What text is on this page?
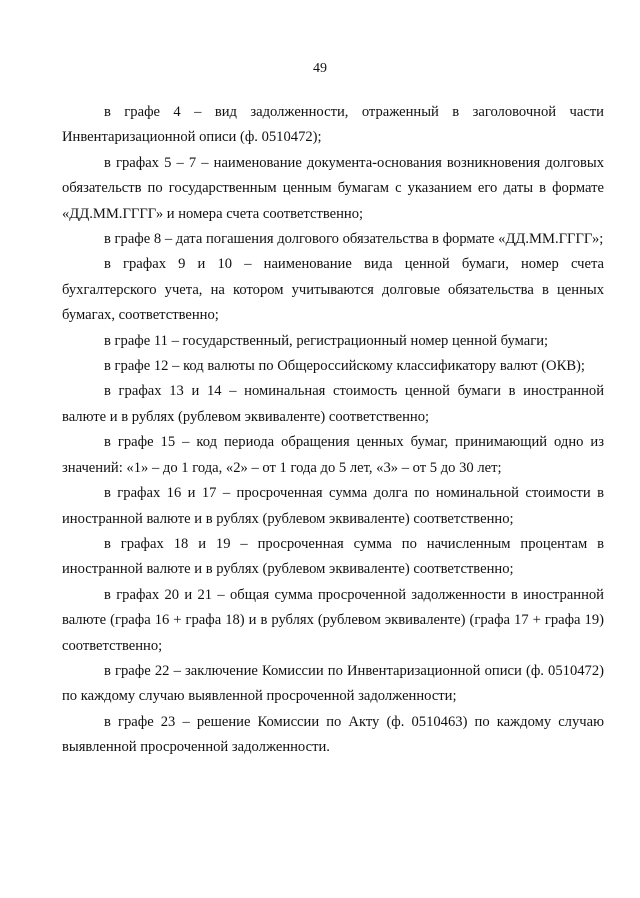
49

в графе 4 – вид задолженности, отраженный в заголовочной части Инвентаризационной описи (ф. 0510472);

в графах 5 – 7 – наименование документа-основания возникновения долговых обязательств по государственным ценным бумагам с указанием его даты в формате «ДД.ММ.ГГГГ» и номера счета соответственно;

в графе 8 – дата погашения долгового обязательства в формате «ДД.ММ.ГГГГ»;

в графах 9 и 10 – наименование вида ценной бумаги, номер счета бухгалтерского учета, на котором учитываются долговые обязательства в ценных бумагах, соответственно;

в графе 11 – государственный, регистрационный номер ценной бумаги;

в графе 12 – код валюты по Общероссийскому классификатору валют (ОКВ);

в графах 13 и 14 – номинальная стоимость ценной бумаги в иностранной валюте и в рублях (рублевом эквиваленте) соответственно;

в графе 15 – код периода обращения ценных бумаг, принимающий одно из значений: «1» – до 1 года, «2» – от 1 года до 5 лет, «3» – от 5 до 30 лет;

в графах 16 и 17 – просроченная сумма долга по номинальной стоимости в иностранной валюте и в рублях (рублевом эквиваленте) соответственно;

в графах 18 и 19 – просроченная сумма по начисленным процентам в иностранной валюте и в рублях (рублевом эквиваленте) соответственно;

в графах 20 и 21 – общая сумма просроченной задолженности в иностранной валюте (графа 16 + графа 18) и в рублях (рублевом эквиваленте) (графа 17 + графа 19) соответственно;

в графе 22 – заключение Комиссии по Инвентаризационной описи (ф. 0510472) по каждому случаю выявленной просроченной задолженности;

в графе 23 – решение Комиссии по Акту (ф. 0510463) по каждому случаю выявленной просроченной задолженности.
